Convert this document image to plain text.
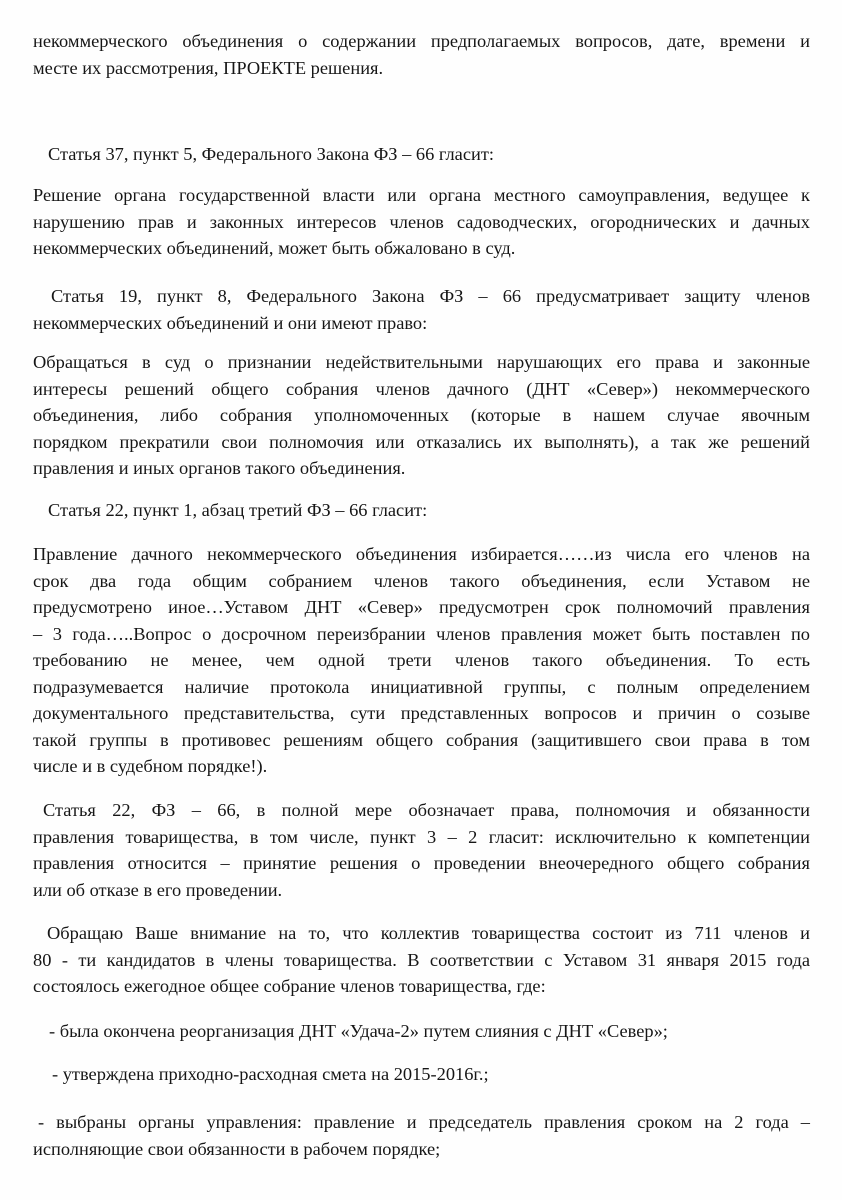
некоммерческого объединения о содержании предполагаемых вопросов, дате, времени и
месте их рассмотрения, ПРОЕКТЕ решения.
Статья 37, пункт 5, Федерального Закона ФЗ – 66 гласит:
Решение органа государственной власти или органа местного самоуправления, ведущее к
нарушению прав и законных интересов членов садоводческих, огороднических и дачных
некоммерческих объединений, может быть обжаловано в суд.
Статья 19, пункт 8, Федерального Закона ФЗ – 66 предусматривает защиту членов
некоммерческих объединений и они имеют право:
Обращаться в суд о признании недействительными нарушающих его права и законные
интересы решений общего собрания членов дачного (ДНТ «Север») некоммерческого
объединения, либо собрания уполномоченных (которые в нашем случае явочным
порядком прекратили свои полномочия или отказались их выполнять), а так же решений
правления и иных органов такого объединения.
Статья 22, пункт 1, абзац третий ФЗ – 66 гласит:
Правление дачного некоммерческого объединения избирается……из числа его членов на
срок два года общим собранием членов такого объединения, если Уставом не
предусмотрено иное…Уставом ДНТ «Север» предусмотрен срок полномочий правления
– 3 года…..Вопрос о досрочном переизбрании членов правления может быть поставлен по
требованию не менее, чем одной трети членов такого объединения. То есть
подразумевается наличие протокола инициативной группы, с полным определением
документального представительства, сути представленных вопросов и причин о созыве
такой группы в противовес решениям общего собрания (защитившего свои права в том
числе и в судебном порядке!).
Статья 22, ФЗ – 66, в полной мере обозначает права, полномочия и обязанности
правления товарищества, в том числе, пункт 3 – 2 гласит: исключительно к компетенции
правления относится – принятие решения о проведении внеочередного общего собрания
или об отказе в его проведении.
Обращаю Ваше внимание на то, что коллектив товарищества состоит из 711 членов и
80 - ти кандидатов в члены товарищества. В соответствии с Уставом 31 января 2015 года
состоялось ежегодное общее собрание членов товарищества, где:
- была окончена реорганизация ДНТ «Удача-2» путем слияния с ДНТ «Север»;
- утверждена приходно-расходная смета на 2015-2016г.;
- выбраны органы управления: правление и председатель правления сроком на 2 года –
исполняющие свои обязанности в рабочем порядке;
